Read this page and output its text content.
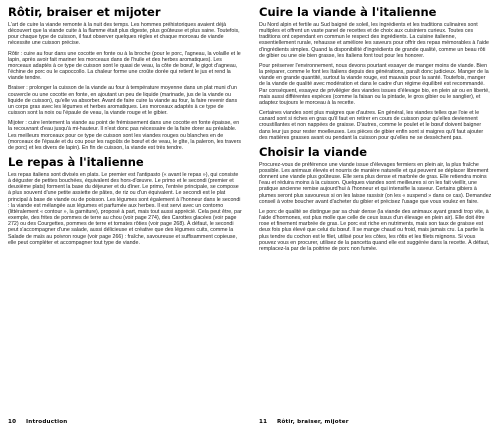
Rôtir, braiser et mijoter

L'art de cuire la viande remonte à la nuit des temps. Les hommes préhistoriques avaient déjà découvert que la viande cuite à la flamme était plus digeste, plus goûteuse et plus saine. Toutefois, pour chaque type de cuisson, il faut observer quelques règles et chaque morceau de viande nécessite une cuisson précise.

Rôtir : cuire au four dans une cocotte en fonte ou à la broche (pour le porc, l'agneau, la volaille et le lapin, après avoir fait mariner les morceaux dans de l'huile et des herbes aromatiques). Les morceaux adaptés à ce type de cuisson sont le quasi de veau, la côte de bœuf, le gigot d'agneau, l'échine de porc ou le capoccollo. La chaleur forme une croûte dorée qui retient le jus et rend la viande tendre.

Braiser : prolonger la cuisson de la viande au four à température moyenne dans un plat muni d'un couvercle ou une cocotte en fonte, en ajoutant un peu de liquide (marinade, jus de la viande ou liquide de cuisson), qu'elle va absorber. Avant de faire cuire la viande au four, la faire revenir dans un corps gras avec les légumes et herbes aromatiques. Les morceaux adaptés à ce type de cuisson sont la noix ou l'épaule de veau, la viande rouge et le gibier.

Mijoter : cuire lentement la viande au point de frémissement dans une cocotte en fonte épaisse, en la recouvrant d'eau jusqu'à mi-hauteur. Il n'est donc pas nécessaire de la faire dorer au préalable. Les meilleurs morceaux pour ce type de cuisson sont les viandes rouges ou blanches en de (morceaux de l'épaule et du cou pour les ragoûts de bœuf et de veau, le gîte, la paleron, les travers de porc) et les divers de lapin). En fin de cuisson, la viande est très tendre.

Le repas à l'italienne

Les repas italiens sont divisés en plats. Le premier est l'antipasto (« avant le repas »), qui consiste à déguster de petites bouchées, équivalent des hors-d'œuvre. Le primo et le secondi (premier et deuxième plats) forment la base du déjeuner et du dîner. Le primo, l'entrée principale, se compose à plus souvent d'une petite assiette de pâtes, de riz ou d'un équivalent. Le secondi est le plat principal à base de viande ou de poisson. Les légumes sont également à l'honneur dans le secondi : la viande est mélangée aux légumes et parfumée aux herbes. Il est servi avec un contorno (littéralement « contour », la garniture), proposé à part, mais tout aussi apprécié. Cela peut être, par exemple, des frites de pommes de terre au chou (voir page 274), des Carottes glacées (voir page 272) ou des Courgettes, pommes de terre et tomates rôties (voir page 268). À défaut, le secondi peut s'accompagner d'une salade, aussi délicieuse et créative que des légumes cuits, comme la Salade de maïs au poivron rouge (voir page 266) : fraîche, savoureuse et suffisamment copieuse, elle peut compléter et accompagner tout type de viande.

10 Introduction
Cuire la viande à l'italienne

Du Nord alpin et fertile au Sud baigné de soleil, les ingrédients et les traditions culinaires sont multiples et offrent un vaste panel de recettes et de choix aux cuisiniers curieux. Toutes ces traditions ont cependant en commun le respect des ingrédients. La cuisine italienne, essentiellement rurale, rehausse et améliore les saveurs pour offrir des repas mémorables à l'aide d'ingrédients simples. Quand la disponibilité d'ingrédients de grande qualité, comme un beau rôti de gibier ou une oie bien grasse, les Italiens font tout pour les honorer.

Pour préserver l'environnement, nous devons pourtant essayer de manger moins de viande. Bien la préparer, comme le font les Italiens depuis des générations, paraît donc judicieux. Manger de la viande en grande quantité, surtout la viande rouge, est mauvais pour la santé. Toutefois, manger de la viande de qualité avec modération et dans le cadre d'un régime équilibré est recommandé. Par conséquent, essayez de privilégier des viandes issues d'élevage bio, en plein air ou en liberté, mais aussi différentes espèces (comme la faisan ou la pintade, le gros gibier ou le sanglier), et adaptez toujours le morceau à la recette.

Certaines viandes sont plus maigres que d'autres. En général, les viandes telles que l'oie et le canard sont si riches en gras qu'il faut en retirer en cours de cuisson pour qu'elles deviennent croustillantes et non nappées de graisse. D'autres, comme le poulet et le bœuf doivent baigner dans leur jus pour rester moelleuses. Les pièces de gibier enfin sont si maigres qu'il faut ajouter des matières grasses avant ou pendant la cuisson pour qu'elles ne se dessèchent pas.

Choisir la viande

Procurez-vous de préférence une viande issue d'élevages fermiers en plein air, la plus fraîche possible. Les animaux élevés et nourris de manière naturelle et qui peuvent se déplacer librement donnent une viande plus goûteuse. Elle sera plus dense et marbrée de gras. Elle retiendra moins l'eau et réduira moins à la cuisson. Quelques viandes sont meilleures si on les fait vieillir, une pratique ancienne remise aujourd'hui à l'honneur et qui intensifie la saveur. Certains gibiers à plumes seront plus savoureux si on les laisse rassisir (on les « suspend » dans ce cas). Demandez conseil à votre boucher avant d'acheter du gibier et précisez l'usage que vous voulez en faire.

Le porc de qualité se distingue par sa chair dense (la viande des animaux ayant grandi trop vite, à l'aide d'hormones, est plus molle que celle de ceux issus d'un élevage en plein air). Elle doit être rose et finement marbrée de gras. Le porc est riche en nutriments, mais son taux de graisse est deux fois plus élevé que celui du bœuf. Il se mange chaud ou froid, mais jamais cru. La partie la plus tendre du cochon est le filet, utilisé pour les côtes, les rôtis et les filets mignons. Si vous pouvez vous en procurer, utilisez de la pancetta quand elle est suggérée dans la recette. À défaut, remplacez-la par de la poitrine de porc non fumée.

11 Rôtir, braiser, mijoter
